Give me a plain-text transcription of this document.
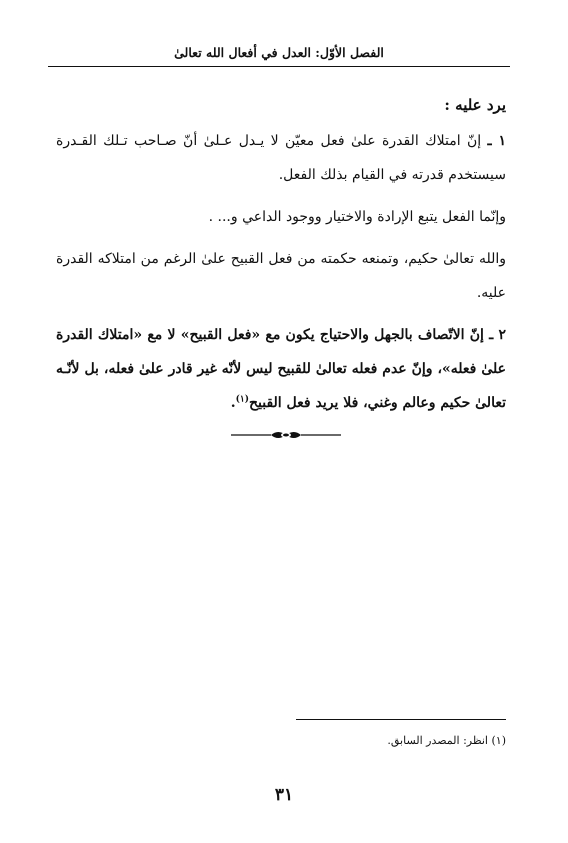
الفصل الأوّل: العدل في أفعال الله تعالىٰ

يرد عليه :

١ ـ إنّ امتلاك القدرة علىٰ فعل معيّن لا يـدل عـلىٰ أنّ صـاحب تـلك القـدرة سيستخدم قدرته في القيام بذلك الفعل.

وإنّما الفعل يتبع الإرادة والاختيار ووجود الداعي و... .

والله تعالىٰ حكيم، وتمنعه حكمته من فعل القبيح علىٰ الرغم من امتلاكه القدرة عليه.

٢ ـ إنّ الاتّصاف بالجهل والاحتياج يكون مع «فعل القبيح» لا مع «امتلاك القدرة علىٰ فعله»، وإنّ عدم فعله تعالىٰ للقبيح ليس لأنّه غير قادر علىٰ فعله، بل لأنّـه تعالىٰ حكيم وعالم وغني، فلا يريد فعل القبيح$^{(١)}$.

(١) انظر: المصدر السابق.
٣١
